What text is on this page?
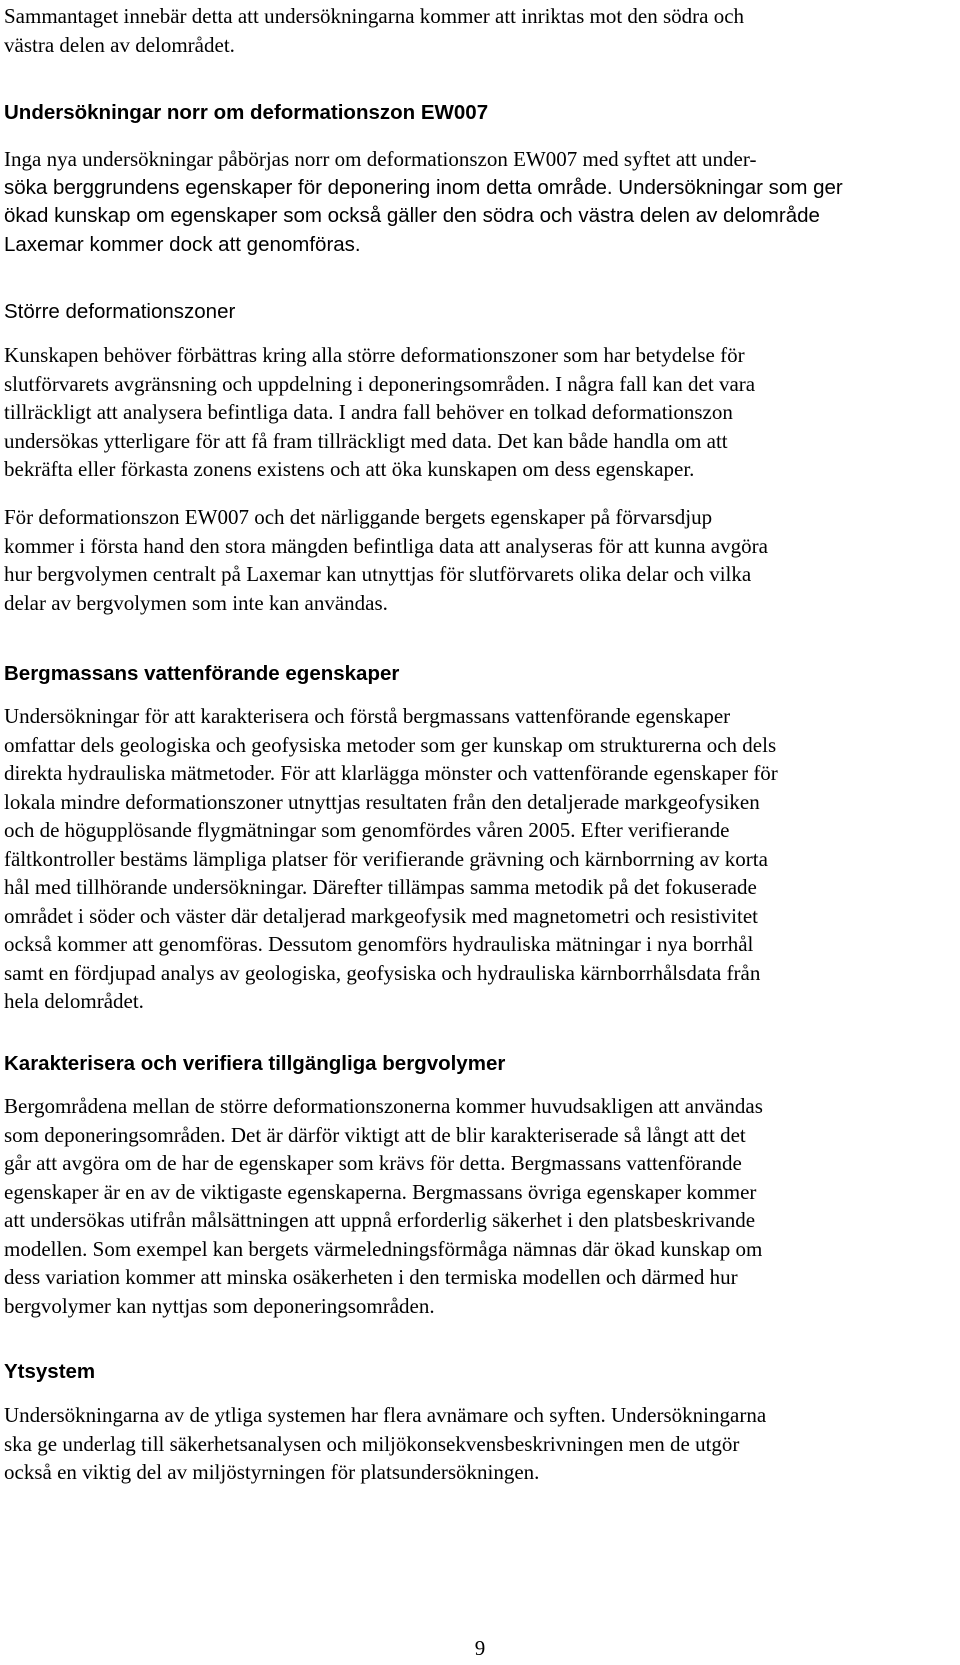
Sammantaget innebär detta att undersökningarna kommer att inriktas mot den södra och

västra delen av delområdet.

Undersökningar norr om deformationszon EW007

Inga nya undersökningar påbörjas norr om deformationszon EW007 med syftet att under-

söka berggrundens egenskaper för deponering inom detta område. Undersökningar som ger

ökad kunskap om egenskaper som också gäller den södra och västra delen av delområde

Laxemar kommer dock att genomföras.

Större deformationszoner

Kunskapen behöver förbättras kring alla större deformationszoner som har betydelse för

slutförvarets avgränsning och uppdelning i deponeringsområden. I några fall kan det vara

tillräckligt att analysera befintliga data. I andra fall behöver en tolkad deformationszon

undersökas ytterligare för att få fram tillräckligt med data. Det kan både handla om att

bekräfta eller förkasta zonens existens och att öka kunskapen om dess egenskaper.

För deformationszon EW007 och det närliggande bergets egenskaper på förvarsdjup

kommer i första hand den stora mängden befintliga data att analyseras för att kunna avgöra

hur bergvolymen centralt på Laxemar kan utnyttjas för slutförvarets olika delar och vilka

delar av bergvolymen som inte kan användas.

Bergmassans vattenförande egenskaper

Undersökningar för att karakterisera och förstå bergmassans vattenförande egenskaper

omfattar dels geologiska och geofysiska metoder som ger kunskap om strukturerna och dels

direkta hydrauliska mätmetoder. För att klarlägga mönster och vattenförande egenskaper för

lokala mindre deformationszoner utnyttjas resultaten från den detaljerade markgeofysiken

och de högupplösande flygmätningar som genomfördes våren 2005. Efter verifierande

fältkontroller bestäms lämpliga platser för verifierande grävning och kärnborrning av korta

hål med tillhörande undersökningar. Därefter tillämpas samma metodik på det fokuserade

området i söder och väster där detaljerad markgeofysik med magnetometri och resistivitet

också kommer att genomföras. Dessutom genomförs hydrauliska mätningar i nya borrhål

samt en fördjupad analys av geologiska, geofysiska och hydrauliska kärnborrhålsdata från

hela delområdet.

Karakterisera och verifiera tillgängliga bergvolymer

Bergområdena mellan de större deformationszonerna kommer huvudsakligen att användas

som deponeringsområden. Det är därför viktigt att de blir karakteriserade så långt att det

går att avgöra om de har de egenskaper som krävs för detta. Bergmassans vattenförande

egenskaper är en av de viktigaste egenskaperna. Bergmassans övriga egenskaper kommer

att undersökas utifrån målsättningen att uppnå erforderlig säkerhet i den platsbeskrivande

modellen. Som exempel kan bergets värmeledningsförmåga nämnas där ökad kunskap om

dess variation kommer att minska osäkerheten i den termiska modellen och därmed hur

bergvolymer kan nyttjas som deponeringsområden.

Ytsystem

Undersökningarna av de ytliga systemen har flera avnämare och syften. Undersökningarna

ska ge underlag till säkerhetsanalysen och miljökonsekvensbeskrivningen men de utgör

också en viktig del av miljöstyrningen för platsundersökningen.

9
